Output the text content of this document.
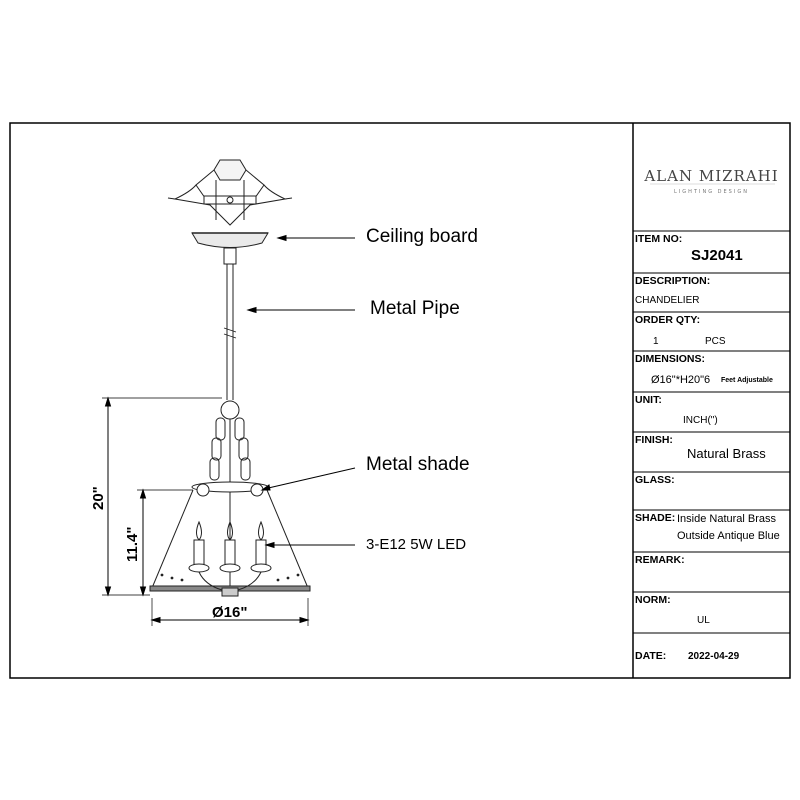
Ceiling board
Metal Pipe
Metal shade
3-E12 5W LED
20"
11.4"
Ø16"
ALAN MIZRAHI
LIGHTING DESIGN
ITEM NO:
SJ2041
DESCRIPTION:
CHANDELIER
ORDER QTY:
1	PCS
DIMENSIONS:
Ø16"*H20"6 Feet Adjustable
UNIT:
INCH(")
FINISH:
Natural Brass
GLASS:
SHADE: Inside Natural Brass
Outside Antique Blue
REMARK:
NORM:
UL
DATE: 2022-04-29
